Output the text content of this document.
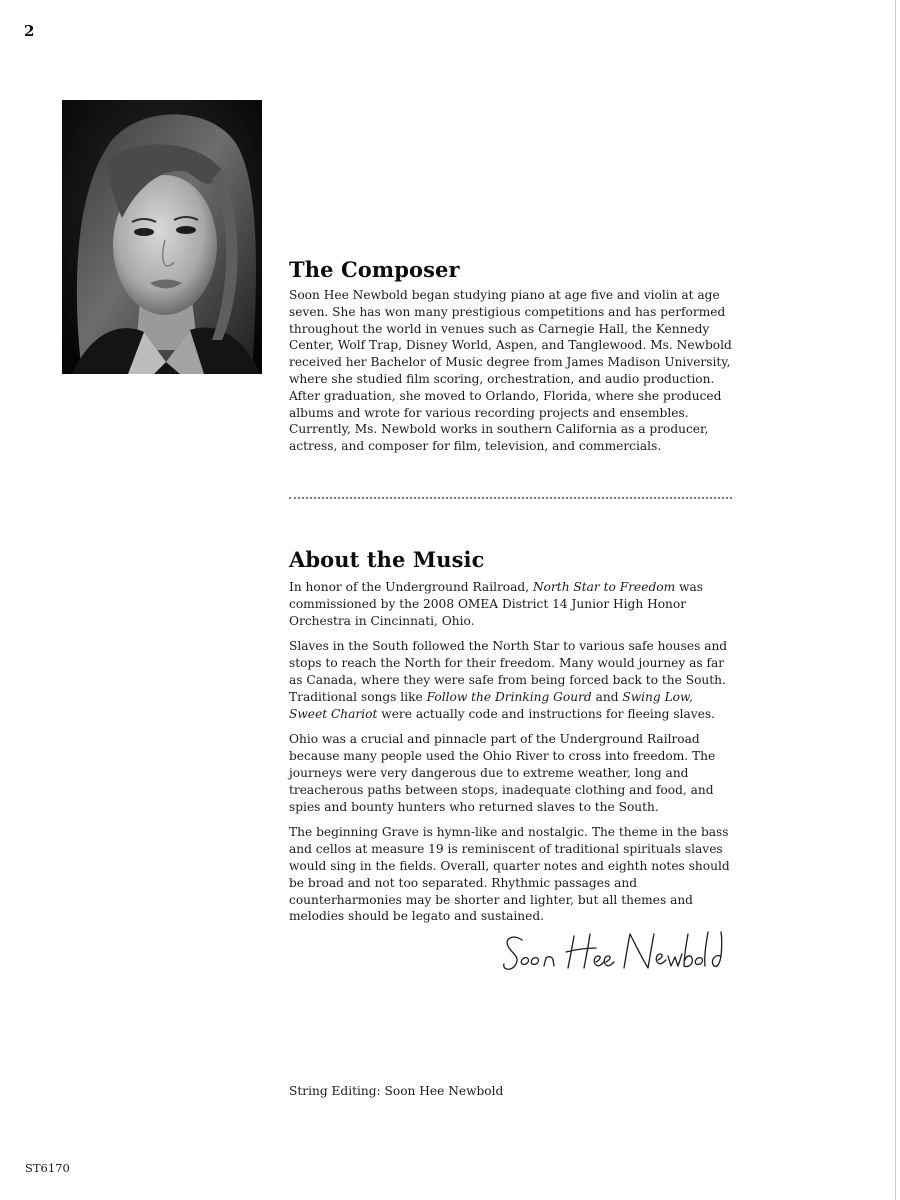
2
The Composer

Soon Hee Newbold began studying piano at age five and violin at age seven. She has won many prestigious competitions and has performed throughout the world in venues such as Carnegie Hall, the Kennedy Center, Wolf Trap, Disney World, Aspen, and Tanglewood. Ms. Newbold received her Bachelor of Music degree from James Madison University, where she studied film scoring, orchestration, and audio production. After graduation, she moved to Orlando, Florida, where she produced albums and wrote for various recording projects and ensembles. Currently, Ms. Newbold works in southern California as a producer, actress, and composer for film, television, and commercials.

About the Music

In honor of the Underground Railroad, North Star to Freedom was commissioned by the 2008 OMEA District 14 Junior High Honor Orchestra in Cincinnati, Ohio.

Slaves in the South followed the North Star to various safe houses and stops to reach the North for their freedom. Many would journey as far as Canada, where they were safe from being forced back to the South. Traditional songs like Follow the Drinking Gourd and Swing Low, Sweet Chariot were actually code and instructions for fleeing slaves.

Ohio was a crucial and pinnacle part of the Underground Railroad because many people used the Ohio River to cross into freedom. The journeys were very dangerous due to extreme weather, long and treacherous paths between stops, inadequate clothing and food, and spies and bounty hunters who returned slaves to the South.

The beginning Grave is hymn-like and nostalgic. The theme in the bass and cellos at measure 19 is reminiscent of traditional spirituals slaves would sing in the fields. Overall, quarter notes and eighth notes should be broad and not too separated. Rhythmic passages and counterharmonies may be shorter and lighter, but all themes and melodies should be legato and sustained.

String Editing: Soon Hee Newbold
ST6170
